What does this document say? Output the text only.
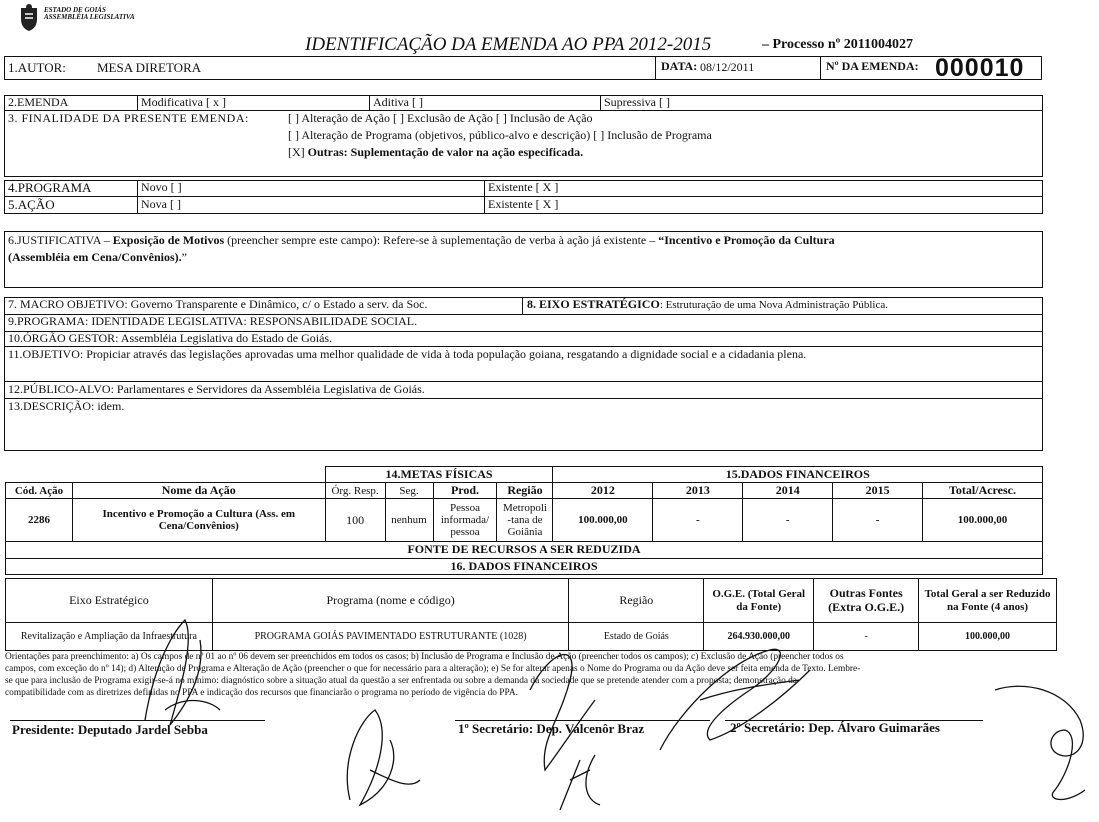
ESTADO DE GOIÁS
ASSEMBLÉIA LEGISLATIVA
IDENTIFICAÇÃO DA EMENDA AO PPA 2012-2015	– Processo nº 2011004027
1.AUTOR: MESA DIRETORA	DATA: 08/12/2011	Nº DA EMENDA: 000010
2.EMENDA	Modificativa [ x ]	Aditiva [ ]	Supressiva [ ]
3. FINALIDADE DA PRESENTE EMENDA:	[ ] Alteração de Ação [ ] Exclusão de Ação [ ] Inclusão de Ação
[ ] Alteração de Programa (objetivos, público-alvo e descrição) [ ] Inclusão de Programa
[X] Outras: Suplementação de valor na ação especificada.
4.PROGRAMA	Novo [ ]	Existente [ X ]
5.AÇÃO	Nova [ ]	Existente [ X ]
6.JUSTIFICATIVA – Exposição de Motivos (preencher sempre este campo): Refere-se à suplementação de verba à ação já existente – “Incentivo e Promoção da Cultura
(Assembléia em Cena/Convênios).”
7. MACRO OBJETIVO: Governo Transparente e Dinâmico, c/ o Estado a serv. da Soc.	8. EIXO ESTRATÉGICO: Estruturação de uma Nova Administração Pública.
9.PROGRAMA: IDENTIDADE LEGISLATIVA: RESPONSABILIDADE SOCIAL.
10.ÓRGÃO GESTOR: Assembléia Legislativa do Estado de Goiás.
11.OBJETIVO: Propiciar através das legislações aprovadas uma melhor qualidade de vida à toda população goiana, resgatando a dignidade social e a cidadania plena.
12.PÚBLICO-ALVO: Parlamentares e Servidores da Assembléia Legislativa de Goiás.
13.DESCRIÇÃO: idem.
		14.METAS FÍSICAS				15.DADOS FINANCEIROS				
Cód. Ação	Nome da Ação	Órg. Resp.	Seg.	Prod.	Região	2012	2013	2014	2015	Total/Acresc.
2286	Incentivo e Promoção a Cultura (Ass. em Cena/Convênios)	100	nenhum	Pessoa informada/ pessoa	Metropoli -tana de Goiânia	100.000,00	-	-	-	100.000,00
FONTE DE RECURSOS A SER REDUZIDA										
16. DADOS FINANCEIROS										
Eixo Estratégico	Programa (nome e código)	Região	O.G.E. (Total Geral da Fonte)	Outras Fontes (Extra O.G.E.)	Total Geral a ser Reduzido na Fonte (4 anos)
Revitalização e Ampliação da Infraestrutura	PROGRAMA GOIÁS PAVIMENTADO ESTRUTURANTE (1028)	Estado de Goiás	264.930.000,00	-	100.000,00
Orientações para preenchimento: a) Os campos de nº 01 ao nº 06 devem ser preenchidos em todos os casos; b) Inclusão de Programa e Inclusão de Ação (preencher todos os campos); c) Exclusão de Ação (preencher todos os
campos, com exceção do nº 14); d) Alteração de Programa e Alteração de Ação (preencher o que for necessário para a alteração); e) Se for alterar apenas o Nome do Programa ou da Ação deve ser feita emenda de Texto. Lembre-
se que para inclusão de Programa exigir-se-á no mínimo: diagnóstico sobre a situação atual da questão a ser enfrentada ou sobre a demanda da sociedade que se pretende atender com a proposta; demonstração da
compatibilidade com as diretrizes definidas no PPA e indicação dos recursos que financiarão o programa no período de vigência do PPA.
Presidente: Deputado Jardel Sebba	1º Secretário: Dep. Valcenôr Braz	2º Secretário: Dep. Álvaro Guimarães
